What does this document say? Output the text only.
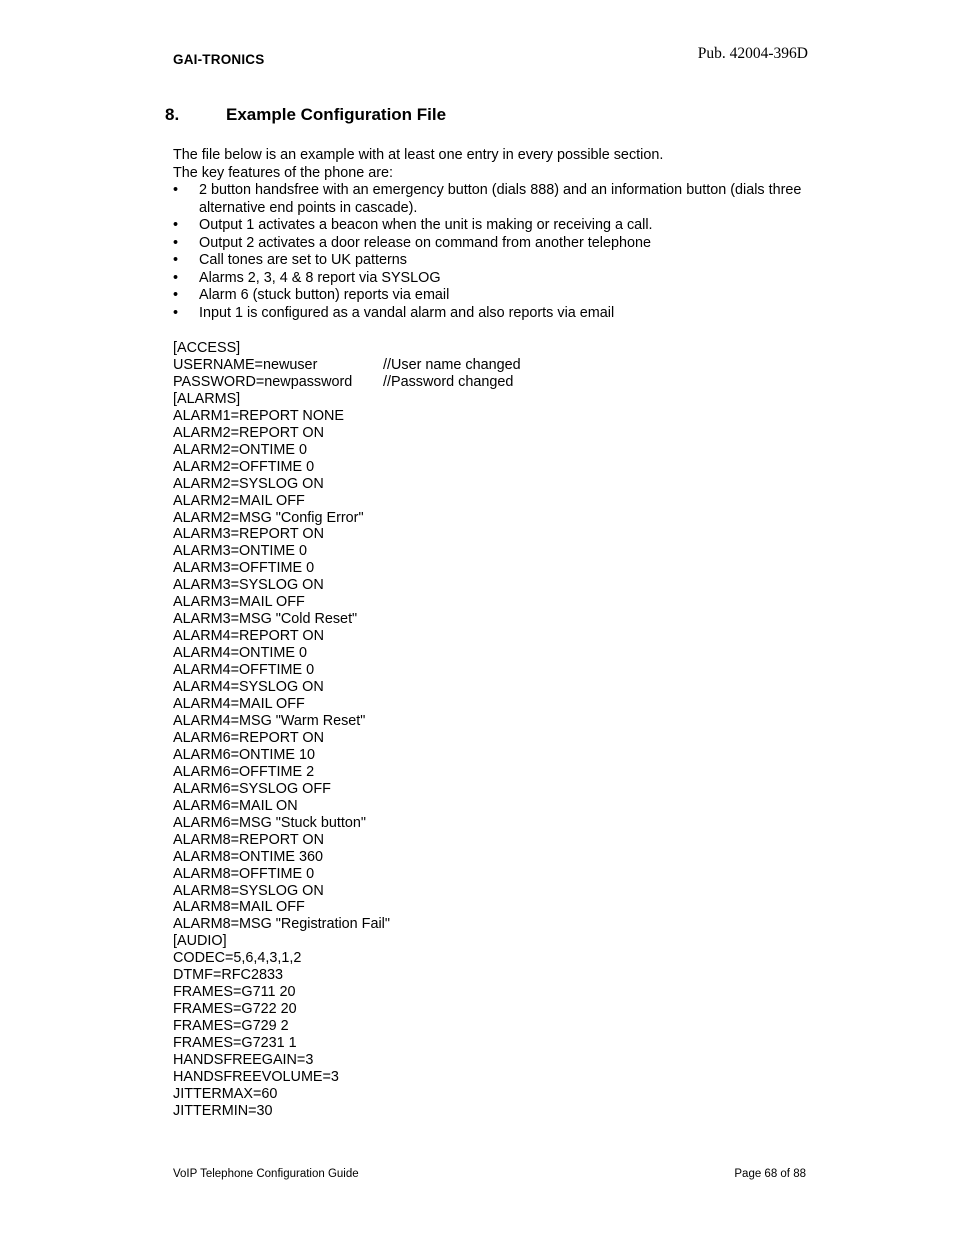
GAI-TRONICS	Pub. 42004-396D
8.	Example Configuration File

The file below is an example with at least one entry in every possible section.

The key features of the phone are:

• 2 button handsfree with an emergency button (dials 888) and an information button (dials three alternative end points in cascade).
• Output 1 activates a beacon when the unit is making or receiving a call.
• Output 2 activates a door release on command from another telephone
• Call tones are set to UK patterns
• Alarms 2, 3, 4 & 8 report via SYSLOG
• Alarm 6 (stuck button) reports via email
• Input 1 is configured as a vandal alarm and also reports via email
[ACCESS]
USERNAME=newuser	//User name changed
PASSWORD=newpassword	//Password changed
[ALARMS]
ALARM1=REPORT NONE
ALARM2=REPORT ON
ALARM2=ONTIME 0
ALARM2=OFFTIME 0
ALARM2=SYSLOG ON
ALARM2=MAIL OFF
ALARM2=MSG "Config Error"
ALARM3=REPORT ON
ALARM3=ONTIME 0
ALARM3=OFFTIME 0
ALARM3=SYSLOG ON
ALARM3=MAIL OFF
ALARM3=MSG "Cold Reset"
ALARM4=REPORT ON
ALARM4=ONTIME 0
ALARM4=OFFTIME 0
ALARM4=SYSLOG ON
ALARM4=MAIL OFF
ALARM4=MSG "Warm Reset"
ALARM6=REPORT ON
ALARM6=ONTIME 10
ALARM6=OFFTIME 2
ALARM6=SYSLOG OFF
ALARM6=MAIL ON
ALARM6=MSG "Stuck button"
ALARM8=REPORT ON
ALARM8=ONTIME 360
ALARM8=OFFTIME 0
ALARM8=SYSLOG ON
ALARM8=MAIL OFF
ALARM8=MSG "Registration Fail"
[AUDIO]
CODEC=5,6,4,3,1,2
DTMF=RFC2833
FRAMES=G711 20
FRAMES=G722 20
FRAMES=G729 2
FRAMES=G7231 1
HANDSFREEGAIN=3
HANDSFREEVOLUME=3
JITTERMAX=60
JITTERMIN=30
VoIP Telephone Configuration Guide	Page 68 of 88
